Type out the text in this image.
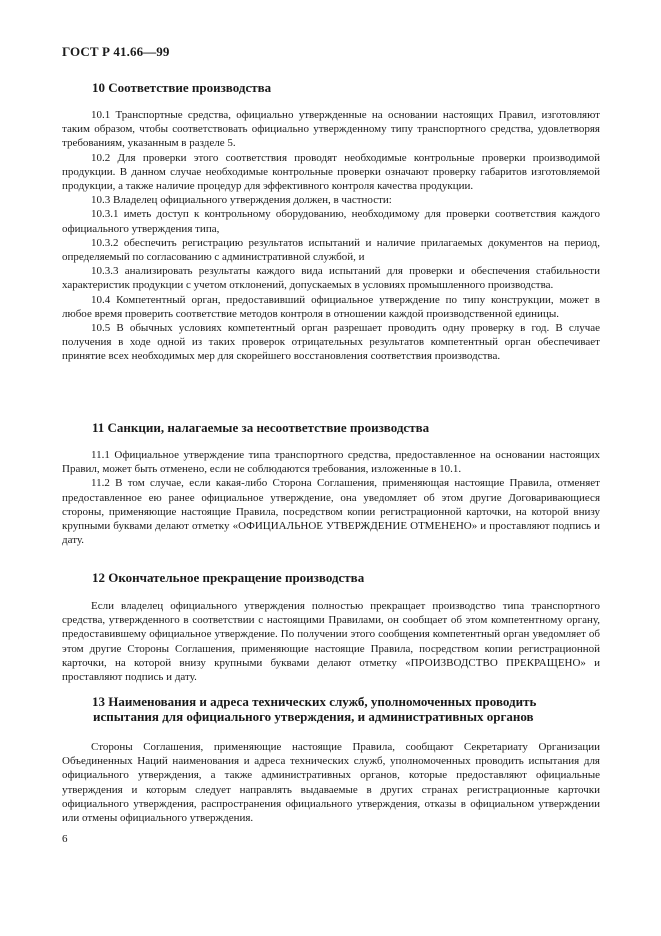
ГОСТ Р 41.66—99
10 Соответствие производства

10.1 Транспортные средства, официально утвержденные на основании настоящих Правил, изготовляют таким образом, чтобы соответствовать официально утвержденному типу транспортного средства, удовлетворяя требованиям, указанным в разделе 5.

10.2 Для проверки этого соответствия проводят необходимые контрольные проверки производимой продукции. В данном случае необходимые контрольные проверки означают проверку габаритов изготовляемой продукции, а также наличие процедур для эффективного контроля качества продукции.

10.3 Владелец официального утверждения должен, в частности:

10.3.1 иметь доступ к контрольному оборудованию, необходимому для проверки соответствия каждого официального утверждения типа,

10.3.2 обеспечить регистрацию результатов испытаний и наличие прилагаемых документов на период, определяемый по согласованию с административной службой, и

10.3.3 анализировать результаты каждого вида испытаний для проверки и обеспечения стабильности характеристик продукции с учетом отклонений, допускаемых в условиях промышленного производства.

10.4 Компетентный орган, предоставивший официальное утверждение по типу конструкции, может в любое время проверить соответствие методов контроля в отношении каждой производственной единицы.

10.5 В обычных условиях компетентный орган разрешает проводить одну проверку в год. В случае получения в ходе одной из таких проверок отрицательных результатов компетентный орган обеспечивает принятие всех необходимых мер для скорейшего восстановления соответствия производства.

11 Санкции, налагаемые за несоответствие производства

11.1 Официальное утверждение типа транспортного средства, предоставленное на основании настоящих Правил, может быть отменено, если не соблюдаются требования, изложенные в 10.1.

11.2 В том случае, если какая-либо Сторона Соглашения, применяющая настоящие Правила, отменяет предоставленное ею ранее официальное утверждение, она уведомляет об этом другие Договаривающиеся стороны, применяющие настоящие Правила, посредством копии регистрационной карточки, на которой внизу крупными буквами делают отметку «ОФИЦИАЛЬНОЕ УТВЕРЖДЕНИЕ ОТМЕНЕНО» и проставляют подпись и дату.

12 Окончательное прекращение производства

Если владелец официального утверждения полностью прекращает производство типа транспортного средства, утвержденного в соответствии с настоящими Правилами, он сообщает об этом компетентному органу, предоставившему официальное утверждение. По получении этого сообщения компетентный орган уведомляет об этом другие Стороны Соглашения, применяющие настоящие Правила, посредством копии регистрационной карточки, на которой внизу крупными буквами делают отметку «ПРОИЗВОДСТВО ПРЕКРАЩЕНО» и проставляют подпись и дату.

13 Наименования и адреса технических служб, уполномоченных проводить
испытания для официального утверждения, и административных органов

Стороны Соглашения, применяющие настоящие Правила, сообщают Секретариату Организации Объединенных Наций наименования и адреса технических служб, уполномоченных проводить испытания для официального утверждения, а также административных органов, которые предоставляют официальные утверждения и которым следует направлять выдаваемые в других странах регистрационные карточки официального утверждения, распространения официального утверждения, отказы в официальном утверждении или отмены официального утверждения.

6
